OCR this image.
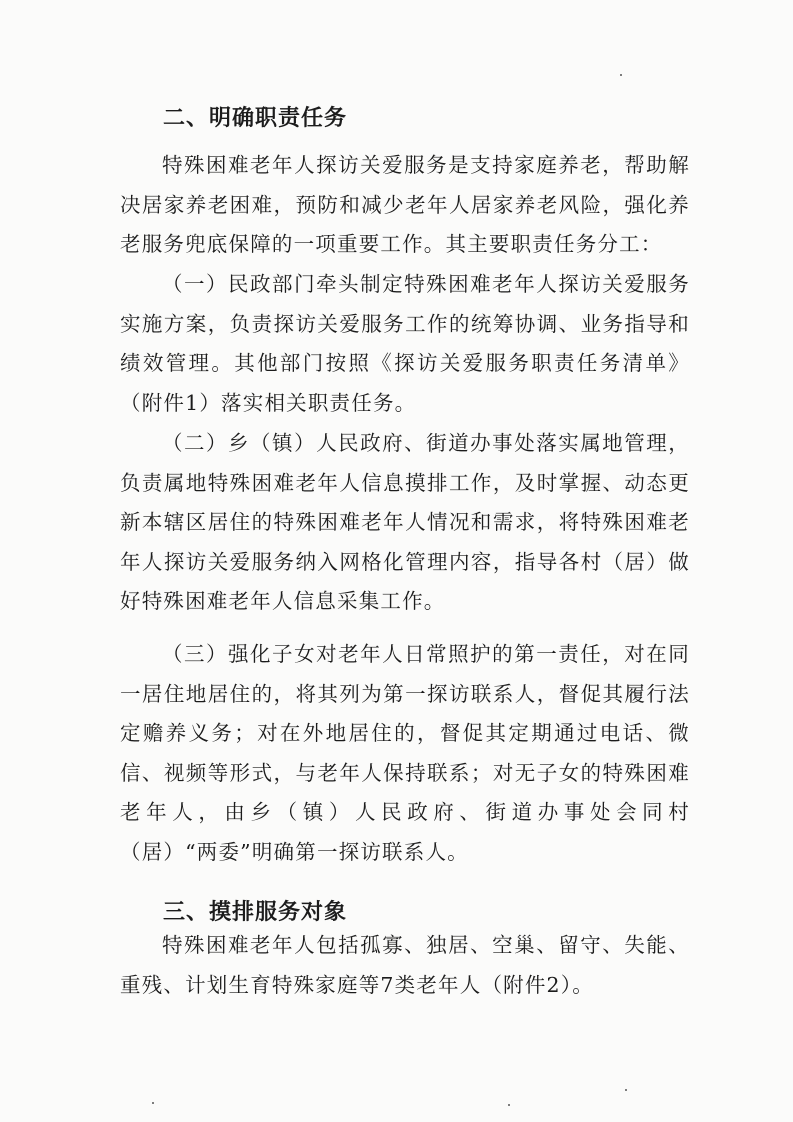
二、明确职责任务

特殊困难老年人探访关爱服务是支持家庭养老，帮助解决居家养老困难，预防和减少老年人居家养老风险，强化养老服务兜底保障的一项重要工作。其主要职责任务分工：

（一）民政部门牵头制定特殊困难老年人探访关爱服务实施方案，负责探访关爱服务工作的统筹协调、业务指导和绩效管理。其他部门按照《探访关爱服务职责任务清单》（附件1）落实相关职责任务。

（二）乡（镇）人民政府、街道办事处落实属地管理，负责属地特殊困难老年人信息摸排工作，及时掌握、动态更新本辖区居住的特殊困难老年人情况和需求，将特殊困难老年人探访关爱服务纳入网格化管理内容，指导各村（居）做好特殊困难老年人信息采集工作。

（三）强化子女对老年人日常照护的第一责任，对在同一居住地居住的，将其列为第一探访联系人，督促其履行法定赡养义务；对在外地居住的，督促其定期通过电话、微信、视频等形式，与老年人保持联系；对无子女的特殊困难老年人，由乡（镇）人民政府、街道办事处会同村（居）“两委”明确第一探访联系人。

三、摸排服务对象

特殊困难老年人包括孤寡、独居、空巢、留守、失能、重残、计划生育特殊家庭等7类老年人（附件2）。
